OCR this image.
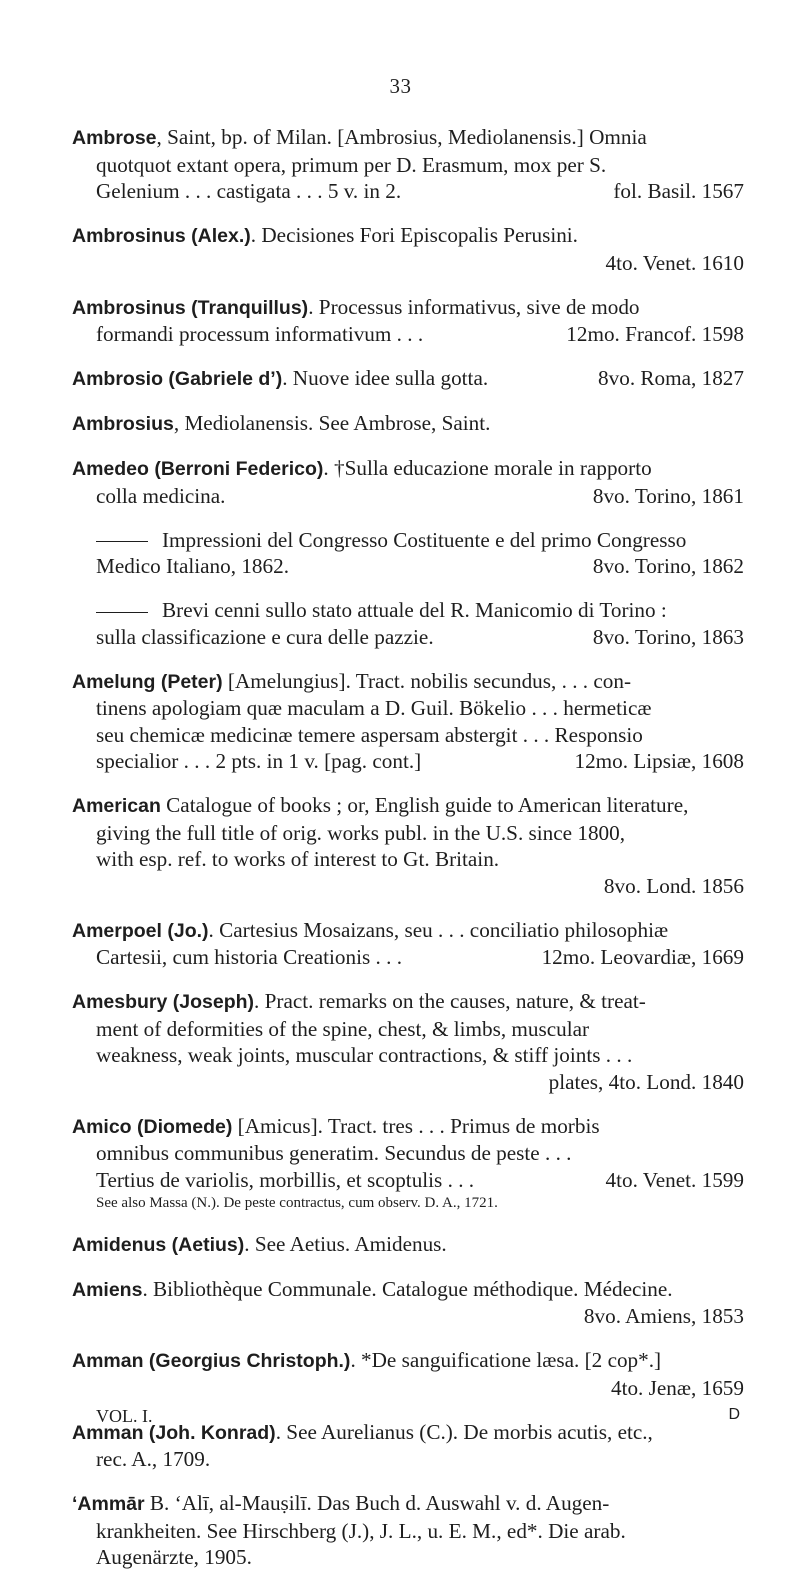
33
Ambrose, Saint, bp. of Milan. [Ambrosius, Mediolanensis.] Omnia
quotquot extant opera, primum per D. Erasmum, mox per S.
Gelenium . . . castigata . . . 5 v. in 2.	fol. Basil. 1567
Ambrosinus (Alex.). Decisiones Fori Episcopalis Perusini.
4to. Venet. 1610
Ambrosinus (Tranquillus). Processus informativus, sive de modo
formandi processum informativum . . .	12mo. Francof. 1598
Ambrosio (Gabriele d’). Nuove idee sulla gotta.	8vo. Roma, 1827
Ambrosius, Mediolanensis. See Ambrose, Saint.
Amedeo (Berroni Federico). †Sulla educazione morale in rapporto
colla medicina.	8vo. Torino, 1861
Impressioni del Congresso Costituente e del primo Congresso
Medico Italiano, 1862.	8vo. Torino, 1862
Brevi cenni sullo stato attuale del R. Manicomio di Torino :
sulla classificazione e cura delle pazzie.	8vo. Torino, 1863
Amelung (Peter) [Amelungius]. Tract. nobilis secundus, . . . con-
tinens apologiam quæ maculam a D. Guil. Bökelio . . . hermeticæ
seu chemicæ medicinæ temere aspersam abstergit . . . Responsio
specialior . . . 2 pts. in 1 v. [pag. cont.]	12mo. Lipsiæ, 1608
American Catalogue of books ; or, English guide to American literature,
giving the full title of orig. works publ. in the U.S. since 1800,
with esp. ref. to works of interest to Gt. Britain.
8vo. Lond. 1856
Amerpoel (Jo.). Cartesius Mosaizans, seu . . . conciliatio philosophiæ
Cartesii, cum historia Creationis . . .	12mo. Leovardiæ, 1669
Amesbury (Joseph). Pract. remarks on the causes, nature, & treat-
ment of deformities of the spine, chest, & limbs, muscular
weakness, weak joints, muscular contractions, & stiff joints . . .
plates, 4to. Lond. 1840
Amico (Diomede) [Amicus]. Tract. tres . . . Primus de morbis
omnibus communibus generatim. Secundus de peste . . .
Tertius de variolis, morbillis, et scoptulis . . .	4to. Venet. 1599
See also Massa (N.). De peste contractus, cum observ. D. A., 1721.
Amidenus (Aetius). See Aetius. Amidenus.
Amiens. Bibliothèque Communale. Catalogue méthodique. Médecine.
8vo. Amiens, 1853
Amman (Georgius Christoph.). *De sanguificatione læsa. [2 cop*.]
4to. Jenæ, 1659
Amman (Joh. Konrad). See Aurelianus (C.). De morbis acutis, etc.,
rec. A., 1709.
‘Ammār B. ‘Alī, al-Mauṣilī. Das Buch d. Auswahl v. d. Augen-
krankheiten. See Hirschberg (J.), J. L., u. E. M., ed*. Die arab.
Augenärzte, 1905.
VOL. I.	D
